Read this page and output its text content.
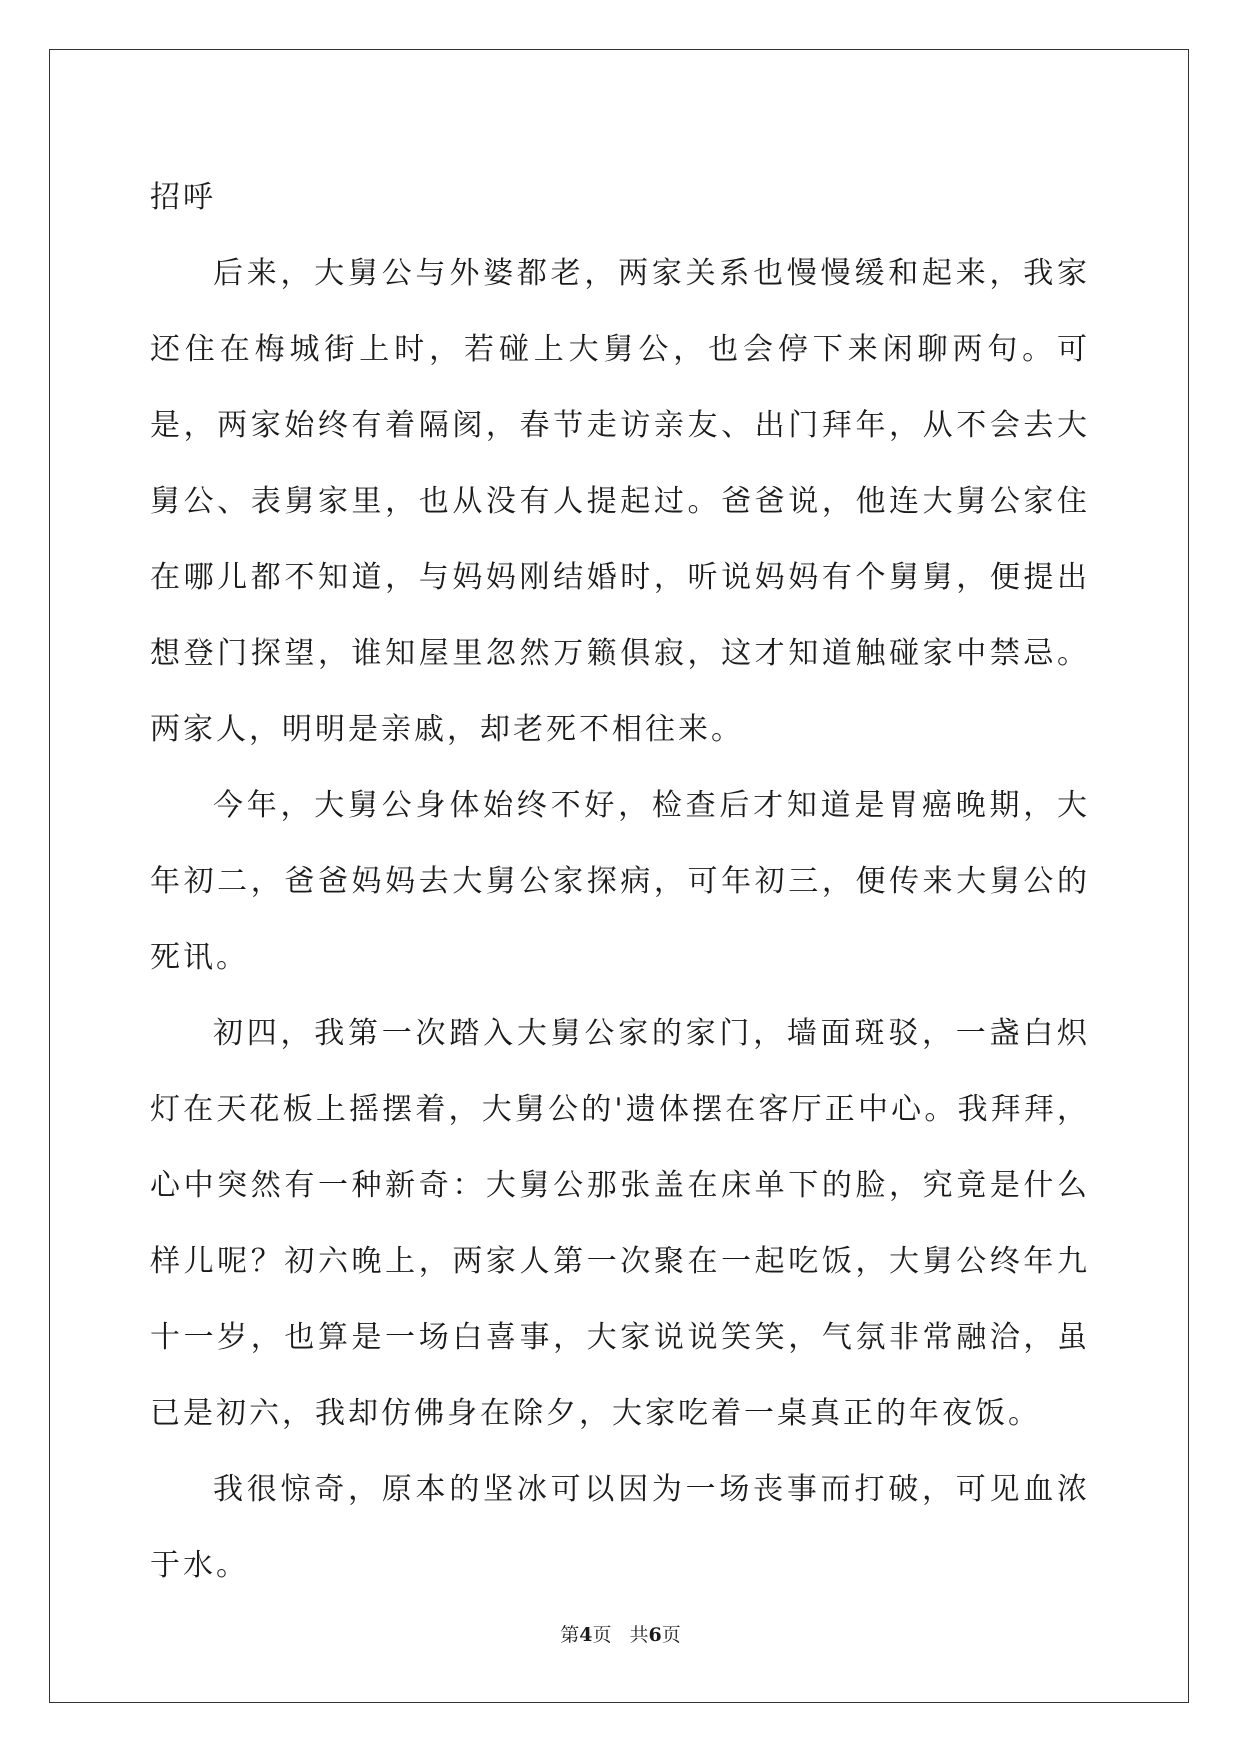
招呼

后来，大舅公与外婆都老，两家关系也慢慢缓和起来，我家还住在梅城街上时，若碰上大舅公，也会停下来闲聊两句。可是，两家始终有着隔阂，春节走访亲友、出门拜年，从不会去大舅公、表舅家里，也从没有人提起过。爸爸说，他连大舅公家住在哪儿都不知道，与妈妈刚结婚时，听说妈妈有个舅舅，便提出想登门探望，谁知屋里忽然万籁俱寂，这才知道触碰家中禁忌。两家人，明明是亲戚，却老死不相往来。

今年，大舅公身体始终不好，检查后才知道是胃癌晚期，大年初二，爸爸妈妈去大舅公家探病，可年初三，便传来大舅公的死讯。

初四，我第一次踏入大舅公家的家门，墙面斑驳，一盏白炽灯在天花板上摇摆着，大舅公的'遗体摆在客厅正中心。我拜拜，心中突然有一种新奇：大舅公那张盖在床单下的脸，究竟是什么样儿呢？初六晚上，两家人第一次聚在一起吃饭，大舅公终年九十一岁，也算是一场白喜事，大家说说笑笑，气氛非常融洽，虽已是初六，我却仿佛身在除夕，大家吃着一桌真正的年夜饭。

我很惊奇，原本的坚冰可以因为一场丧事而打破，可见血浓于水。

第4页 共6页
